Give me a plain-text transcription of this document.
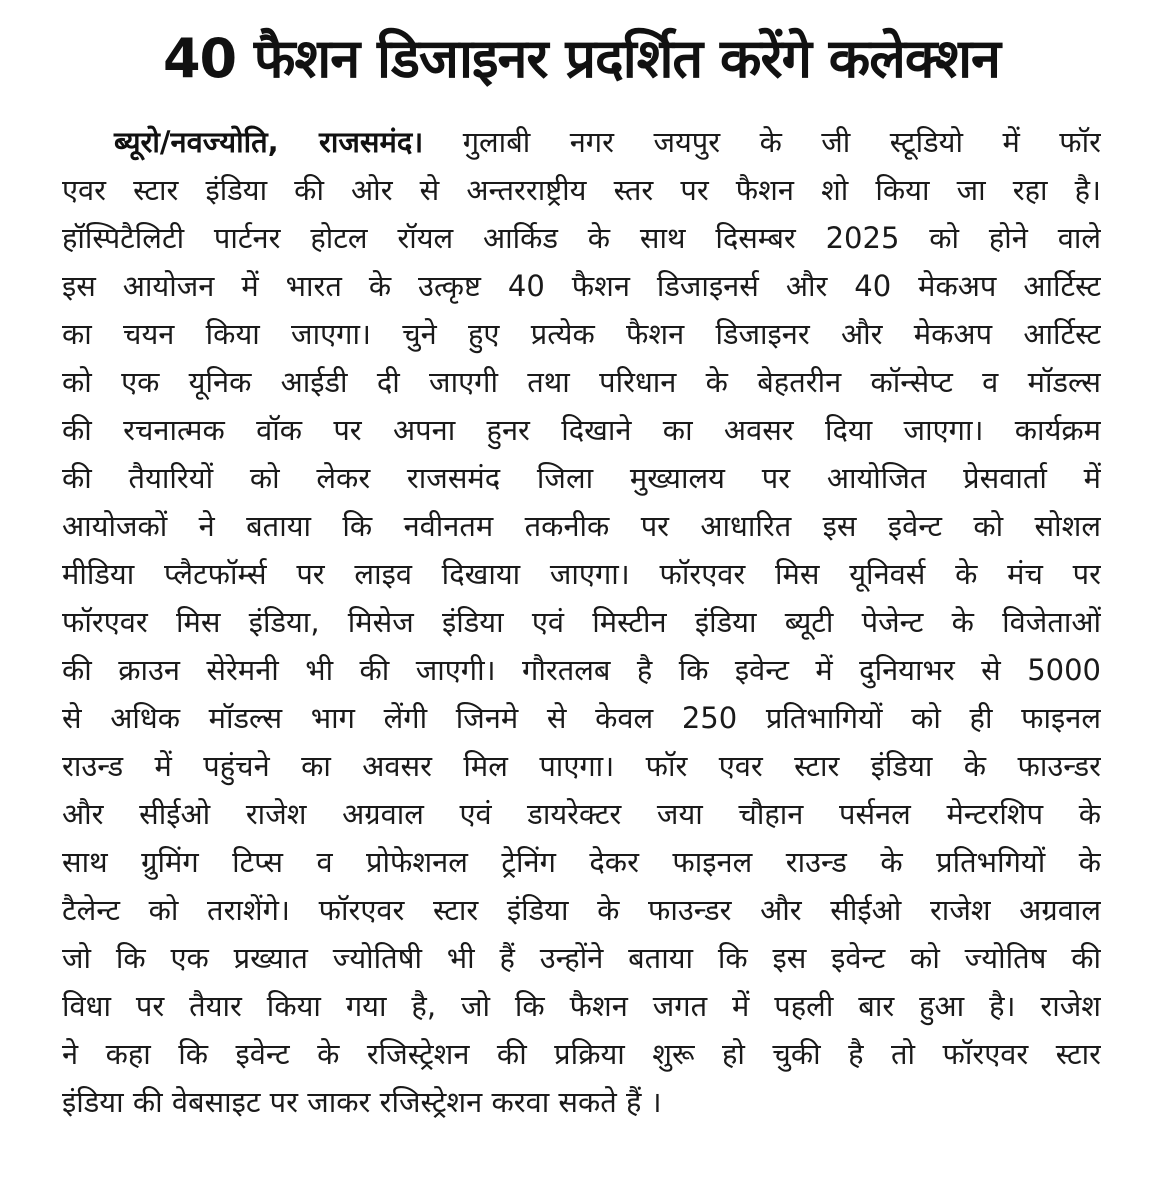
40 फैशन डिजाइनर प्रदर्शित करेंगे कलेक्शन
ब्यूरो/नवज्योति, राजसमंद। गुलाबी नगर जयपुर के जी स्टूडियो में फॉर
एवर स्टार इंडिया की ओर से अन्तरराष्ट्रीय स्तर पर फैशन शो किया जा रहा है।
हॉस्पिटैलिटी पार्टनर होटल रॉयल आर्किड के साथ दिसम्बर 2025 को होने वाले
इस आयोजन में भारत के उत्कृष्ट 40 फैशन डिजाइनर्स और 40 मेकअप आर्टिस्ट
का चयन किया जाएगा। चुने हुए प्रत्येक फैशन डिजाइनर और मेकअप आर्टिस्ट
को एक यूनिक आईडी दी जाएगी तथा परिधान के बेहतरीन कॉन्सेप्ट व मॉडल्स
की रचनात्मक वॉक पर अपना हुनर दिखाने का अवसर दिया जाएगा। कार्यक्रम
की तैयारियों को लेकर राजसमंद जिला मुख्यालय पर आयोजित प्रेसवार्ता में
आयोजकों ने बताया कि नवीनतम तकनीक पर आधारित इस इवेन्ट को सोशल
मीडिया प्लैटफॉर्म्स पर लाइव दिखाया जाएगा। फॉरएवर मिस यूनिवर्स के मंच पर
फॉरएवर मिस इंडिया, मिसेज इंडिया एवं मिस्टीन इंडिया ब्यूटी पेजेन्ट के विजेताओं
की क्राउन सेरेमनी भी की जाएगी। गौरतलब है कि इवेन्ट में दुनियाभर से 5000
से अधिक मॉडल्स भाग लेंगी जिनमे से केवल 250 प्रतिभागियों को ही फाइनल
राउन्ड में पहुंचने का अवसर मिल पाएगा। फॉर एवर स्टार इंडिया के फाउन्डर
और सीईओ राजेश अग्रवाल एवं डायरेक्टर जया चौहान पर्सनल मेन्टरशिप के
साथ ग्रुमिंग टिप्स व प्रोफेशनल ट्रेनिंग देकर फाइनल राउन्ड के प्रतिभगियों के
टैलेन्ट को तराशेंगे। फॉरएवर स्टार इंडिया के फाउन्डर और सीईओ राजेश अग्रवाल
जो कि एक प्रख्यात ज्योतिषी भी हैं उन्होंने बताया कि इस इवेन्ट को ज्योतिष की
विधा पर तैयार किया गया है, जो कि फैशन जगत में पहली बार हुआ है। राजेश
ने कहा कि इवेन्ट के रजिस्ट्रेशन की प्रक्रिया शुरू हो चुकी है तो फॉरएवर स्टार
इंडिया की वेबसाइट पर जाकर रजिस्ट्रेशन करवा सकते हैं ।
